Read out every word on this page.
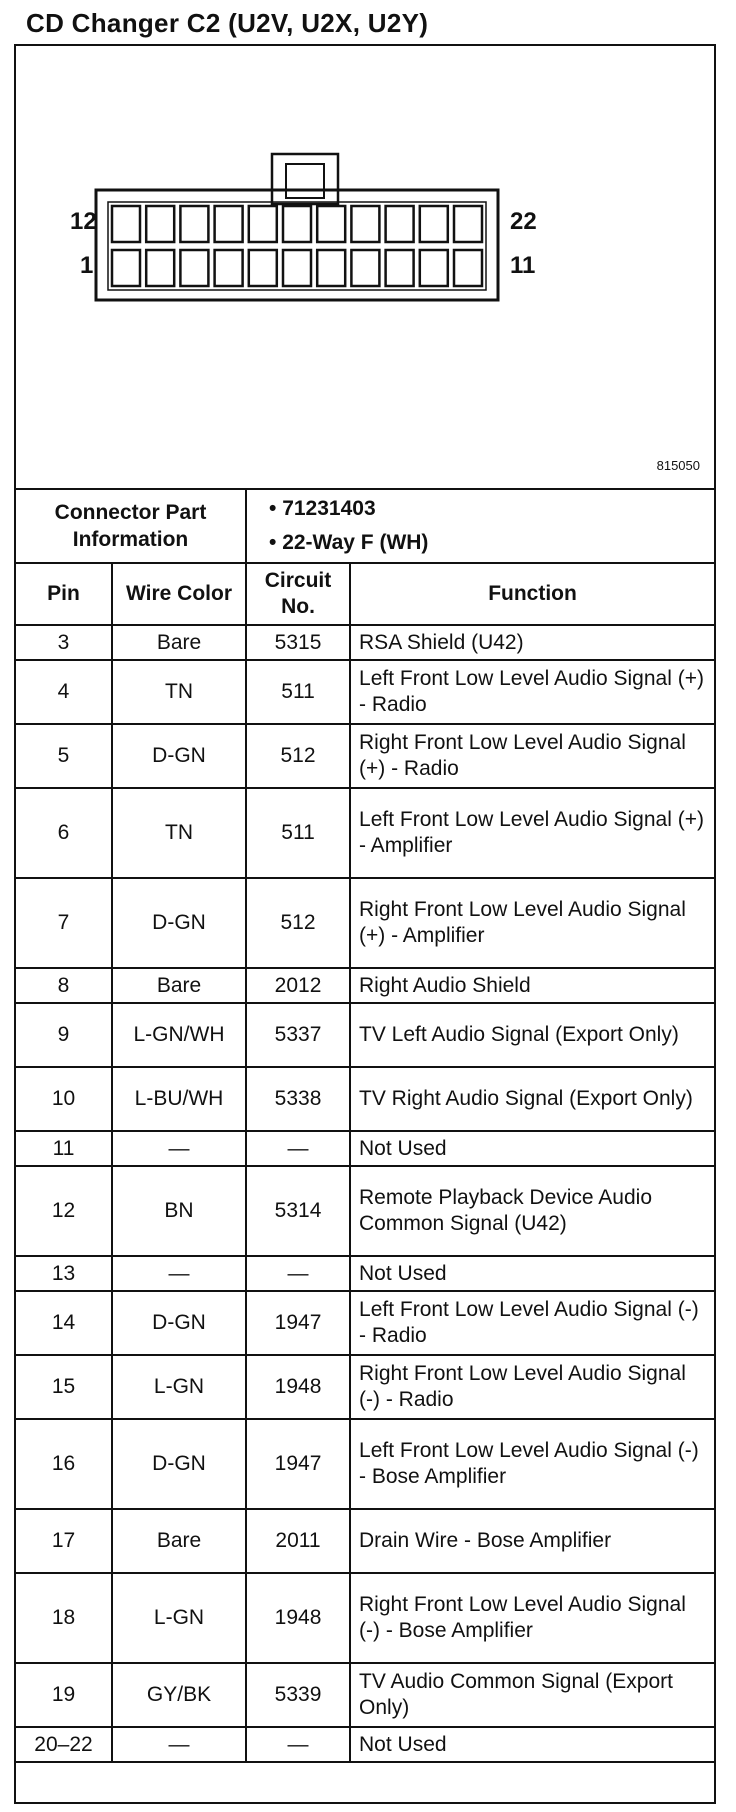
CD Changer C2 (U2V, U2X, U2Y)
12
1
22
11
815050
Connector Part Information		• 71231403
• 22-Way F (WH)	

Pin	Wire Color	Circuit No.	Function
3	Bare	5315	RSA Shield (U42)
4	TN	511	Left Front Low Level Audio Signal (+) - Radio
5	D-GN	512	Right Front Low Level Audio Signal (+) - Radio
6	TN	511	Left Front Low Level Audio Signal (+) - Amplifier
7	D-GN	512	Right Front Low Level Audio Signal (+) - Amplifier
8	Bare	2012	Right Audio Shield
9	L-GN/WH	5337	TV Left Audio Signal (Export Only)
10	L-BU/WH	5338	TV Right Audio Signal (Export Only)
11	—	—	Not Used
12	BN	5314	Remote Playback Device Audio Common Signal (U42)
13	—	—	Not Used
14	D-GN	1947	Left Front Low Level Audio Signal (-) - Radio
15	L-GN	1948	Right Front Low Level Audio Signal (-) - Radio
16	D-GN	1947	Left Front Low Level Audio Signal (-) - Bose Amplifier
17	Bare	2011	Drain Wire - Bose Amplifier
18	L-GN	1948	Right Front Low Level Audio Signal (-) - Bose Amplifier
19	GY/BK	5339	TV Audio Common Signal (Export Only)
20–22	—	—	Not Used
